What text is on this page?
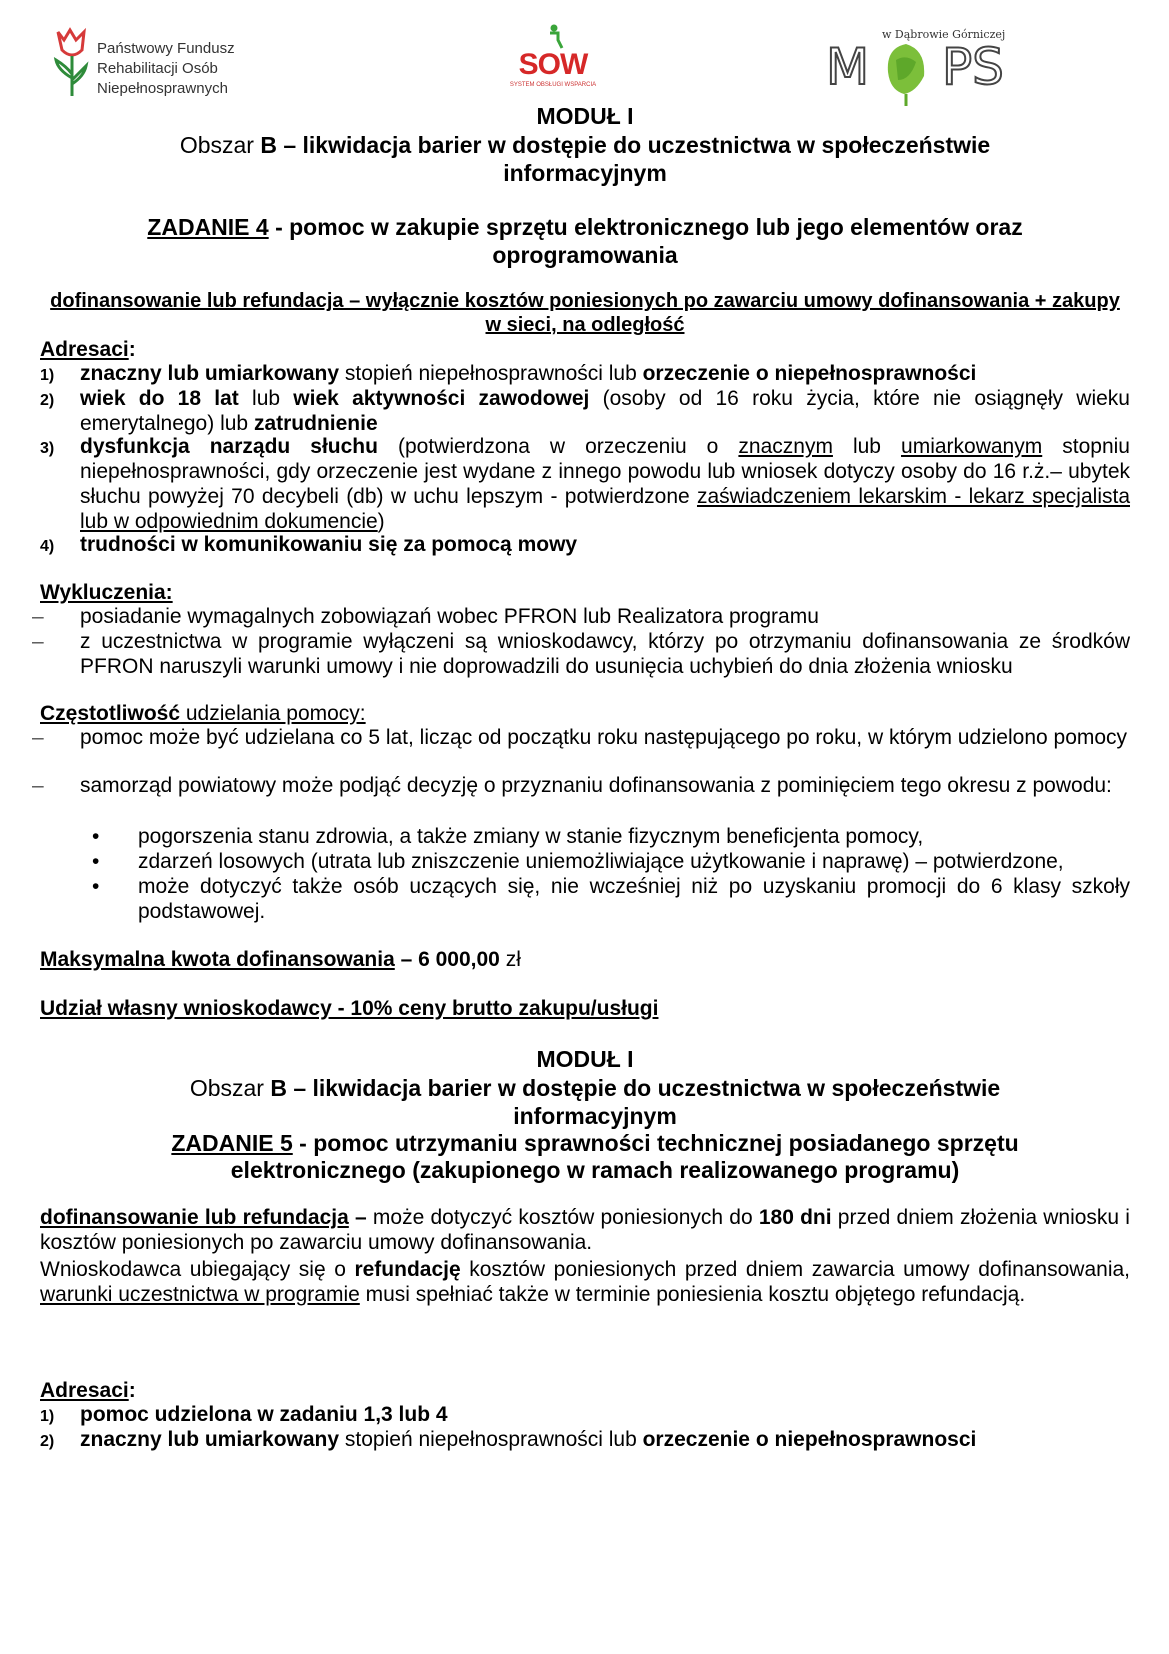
Państwowy Fundusz
Rehabilitacji Osób
Niepełnosprawnych
SOW
SYSTEM OBSŁUGI WSPARCIA	M PS
w Dąbrowie Górniczej
MODUŁ I
Obszar B – likwidacja barier w dostępie do uczestnictwa w społeczeństwie informacyjnym
ZADANIE 4 - pomoc w zakupie sprzętu elektronicznego lub jego elementów oraz oprogramowania
dofinansowanie lub refundacja – wyłącznie kosztów poniesionych po zawarciu umowy dofinansowania + zakupy w sieci, na odległość
Adresaci:
1)	znaczny lub umiarkowany stopień niepełnosprawności lub orzeczenie o niepełnosprawności
2)	wiek do 18 lat lub wiek aktywności zawodowej (osoby od 16 roku życia, które nie osiągnęły wieku emerytalnego) lub zatrudnienie
3)	dysfunkcja narządu słuchu (potwierdzona w orzeczeniu o znacznym lub umiarkowanym stopniu niepełnosprawności, gdy orzeczenie jest wydane z innego powodu lub wniosek dotyczy osoby do 16 r.ż.– ubytek słuchu powyżej 70 decybeli (db) w uchu lepszym - potwierdzone zaświadczeniem lekarskim - lekarz specjalista lub w odpowiednim dokumencie)
4)	trudności w komunikowaniu się za pomocą mowy
Wykluczenia:
–	posiadanie wymagalnych zobowiązań wobec PFRON lub Realizatora programu
–	z uczestnictwa w programie wyłączeni są wnioskodawcy, którzy po otrzymaniu dofinansowania ze środków PFRON naruszyli warunki umowy i nie doprowadzili do usunięcia uchybień do dnia złożenia wniosku
Częstotliwość udzielania pomocy:
–	pomoc może być udzielana co 5 lat, licząc od początku roku następującego po roku, w którym udzielono pomocy
–	samorząd powiatowy może podjąć decyzję o przyznaniu dofinansowania z pominięciem tego okresu z powodu:
•	pogorszenia stanu zdrowia, a także zmiany w stanie fizycznym beneficjenta pomocy,
•	zdarzeń losowych (utrata lub zniszczenie uniemożliwiające użytkowanie i naprawę) – potwierdzone,
•	może dotyczyć także osób uczących się, nie wcześniej niż po uzyskaniu promocji do 6 klasy szkoły podstawowej.
Maksymalna kwota dofinansowania – 6 000,00 zł
Udział własny wnioskodawcy - 10% ceny brutto zakupu/usługi
MODUŁ I
Obszar B – likwidacja barier w dostępie do uczestnictwa w społeczeństwie informacyjnym
ZADANIE 5 - pomoc utrzymaniu sprawności technicznej posiadanego sprzętu elektronicznego (zakupionego w ramach realizowanego programu)
dofinansowanie lub refundacja – może dotyczyć kosztów poniesionych do 180 dni przed dniem złożenia wniosku i kosztów poniesionych po zawarciu umowy dofinansowania.
Wnioskodawca ubiegający się o refundację kosztów poniesionych przed dniem zawarcia umowy dofinansowania, warunki uczestnictwa w programie musi spełniać także w terminie poniesienia kosztu objętego refundacją.
Adresaci:
1)	pomoc udzielona w zadaniu 1,3 lub 4
2)	znaczny lub umiarkowany stopień niepełnosprawności lub orzeczenie o niepełnosprawnosci
